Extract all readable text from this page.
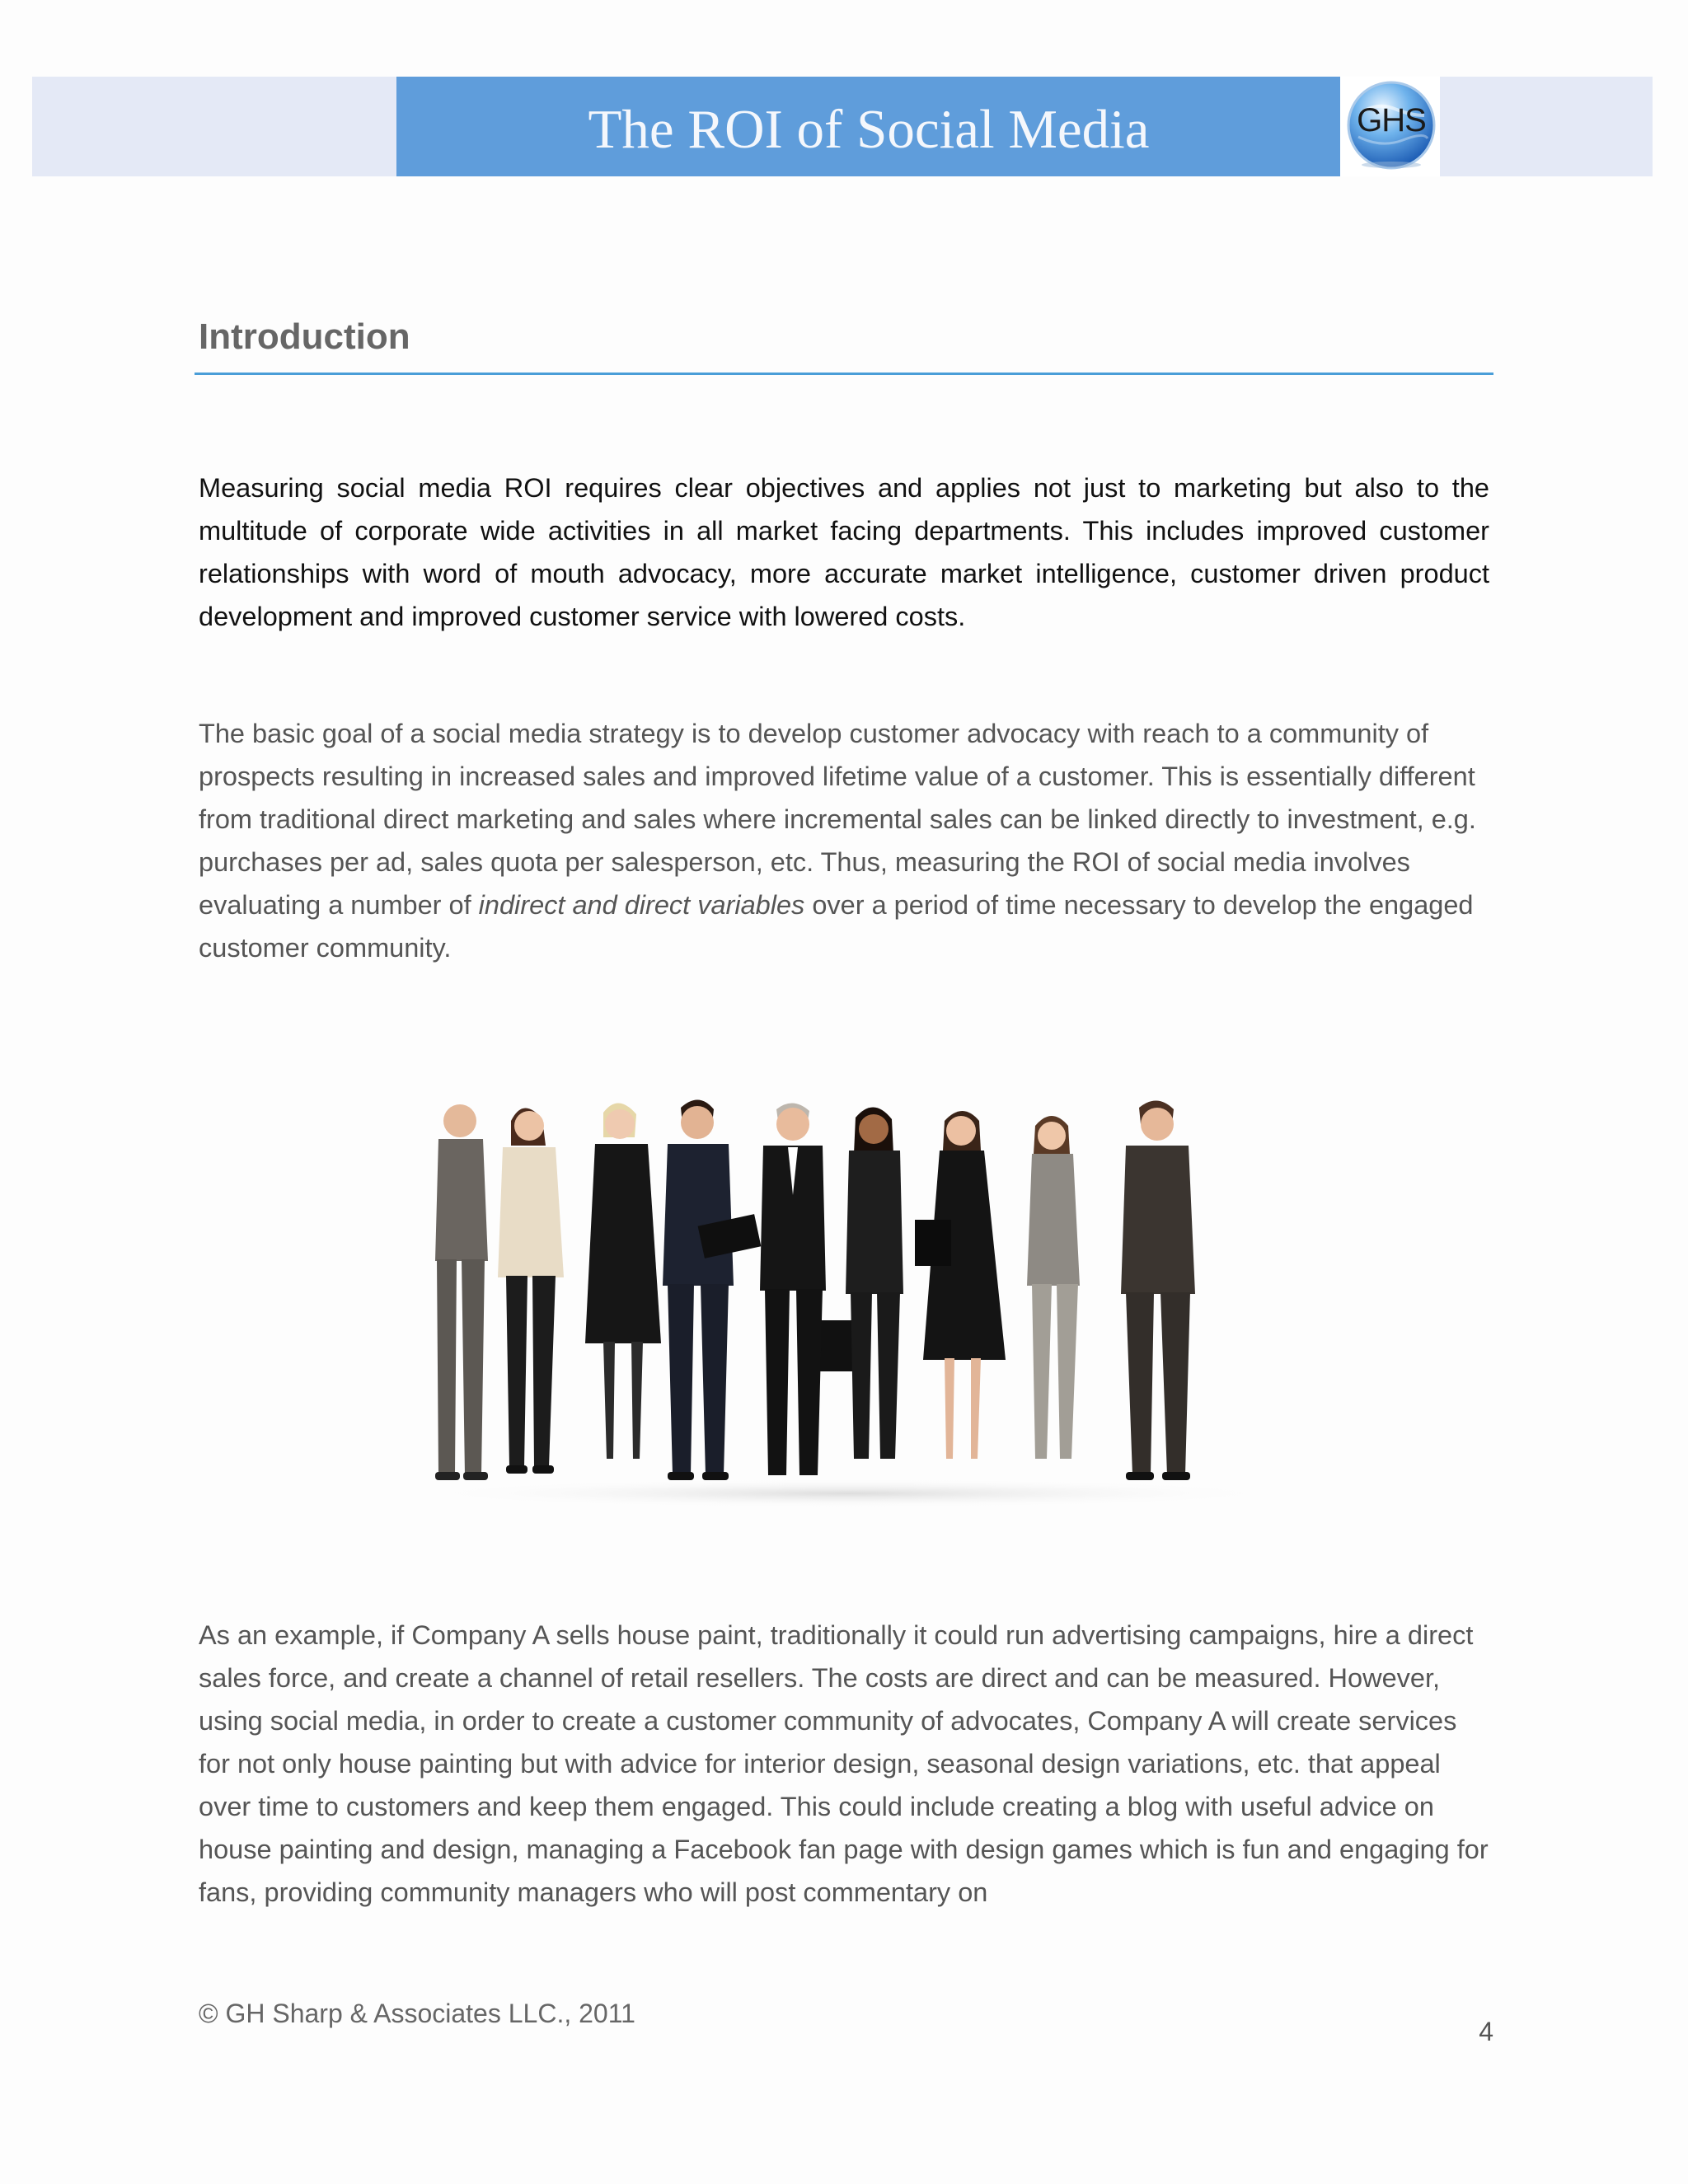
The ROI of Social Media	GHS
Introduction

Measuring social media ROI requires clear objectives and applies not just to marketing but also to the multitude of corporate wide activities in all market facing departments. This includes improved customer relationships with word of mouth advocacy, more accurate market intelligence, customer driven product development and improved customer service with lowered costs.

The basic goal of a social media strategy is to develop customer advocacy with reach to a community of prospects resulting in increased sales and improved lifetime value of a customer. This is essentially different from traditional direct marketing and sales where incremental sales can be linked directly to investment, e.g. purchases per ad, sales quota per salesperson, etc. Thus, measuring the ROI of social media involves evaluating a number of indirect and direct variables over a period of time necessary to develop the engaged customer community.

As an example, if Company A sells house paint, traditionally it could run advertising campaigns, hire a direct sales force, and create a channel of retail resellers. The costs are direct and can be measured. However, using social media, in order to create a customer community of advocates, Company A will create services for not only house painting but with advice for interior design, seasonal design variations, etc. that appeal over time to customers and keep them engaged. This could include creating a blog with useful advice on house painting and design, managing a Facebook fan page with design games which is fun and engaging for fans, providing community managers who will post commentary on

© GH Sharp & Associates LLC., 2011
4
